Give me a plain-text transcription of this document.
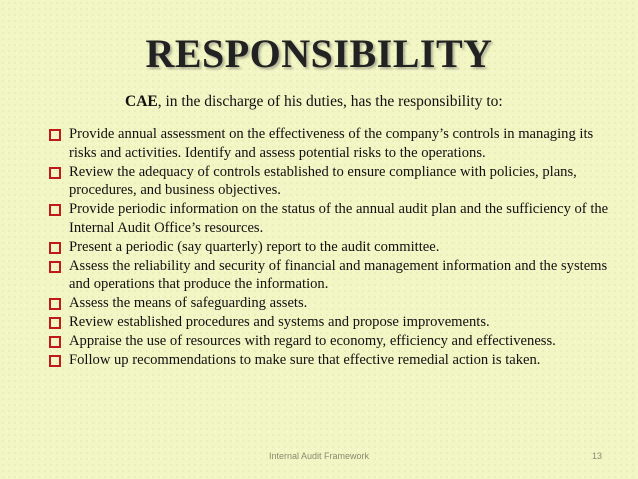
RESPONSIBILITY
CAE, in the discharge of his duties, has the responsibility to:
Provide annual assessment on the effectiveness of the company’s controls in managing its risks and activities. Identify and assess potential risks to the operations.
Review the adequacy of controls established to ensure compliance with policies, plans, procedures, and business objectives.
Provide periodic information on the status of the annual audit plan and the sufficiency of the Internal Audit Office’s resources.
Present a periodic (say quarterly) report to the audit committee.
Assess the reliability and security of financial and management information and the systems and operations that produce the information.
Assess the means of safeguarding assets.
Review established procedures and systems and propose improvements.
Appraise the use of resources with regard to economy, efficiency and effectiveness.
Follow up recommendations to make sure that effective remedial action is taken.
Internal Audit Framework	13
